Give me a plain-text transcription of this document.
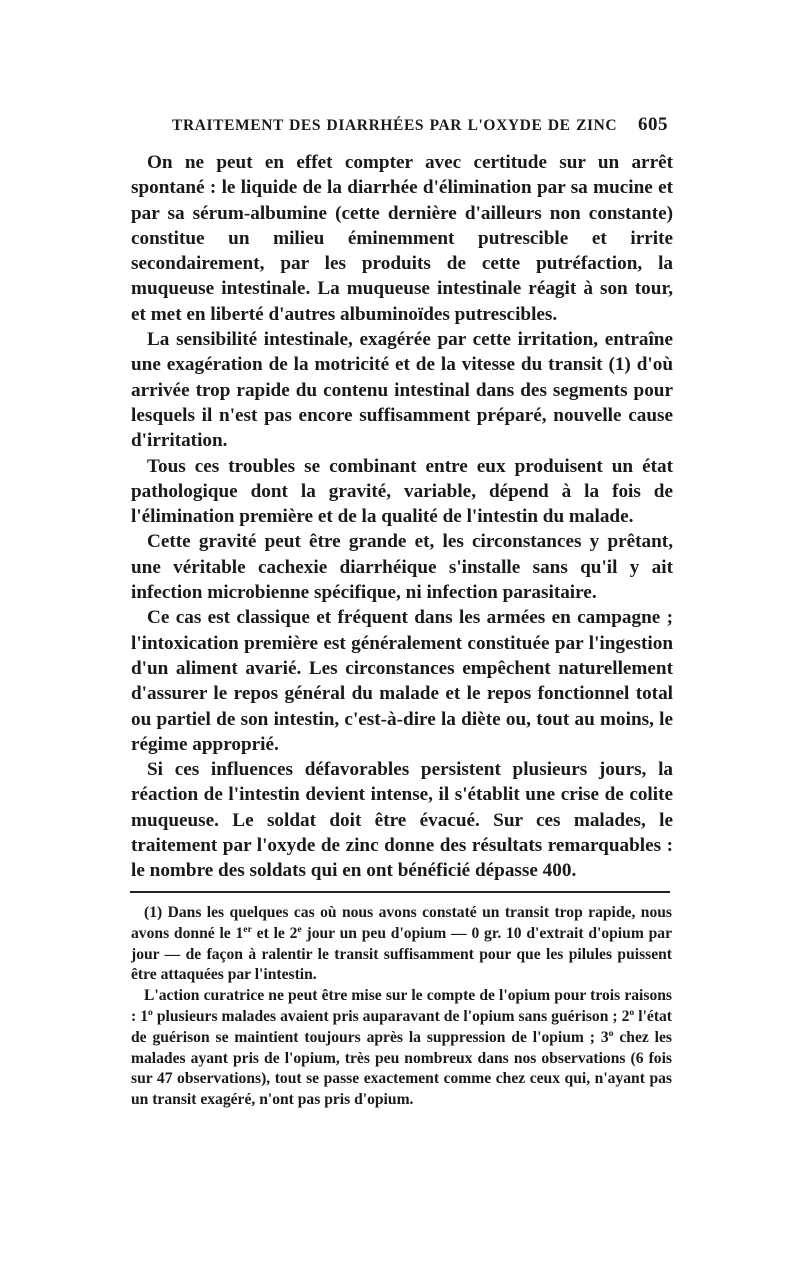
TRAITEMENT DES DIARRHÉES PAR L'OXYDE DE ZINC 605

On ne peut en effet compter avec certitude sur un arrêt spontané : le liquide de la diarrhée d'élimination par sa mucine et par sa sérum-albumine (cette dernière d'ailleurs non constante) constitue un milieu éminemment putrescible et irrite secondairement, par les produits de cette putréfaction, la muqueuse intestinale. La muqueuse intestinale réagit à son tour, et met en liberté d'autres albuminoïdes putrescibles.

La sensibilité intestinale, exagérée par cette irritation, entraîne une exagération de la motricité et de la vitesse du transit (1) d'où arrivée trop rapide du contenu intestinal dans des segments pour lesquels il n'est pas encore suffisamment préparé, nouvelle cause d'irritation.

Tous ces troubles se combinant entre eux produisent un état pathologique dont la gravité, variable, dépend à la fois de l'élimination première et de la qualité de l'intestin du malade.

Cette gravité peut être grande et, les circonstances y prêtant, une véritable cachexie diarrhéique s'installe sans qu'il y ait infection microbienne spécifique, ni infection parasitaire.

Ce cas est classique et fréquent dans les armées en campagne ; l'intoxication première est généralement constituée par l'ingestion d'un aliment avarié. Les circonstances empêchent naturellement d'assurer le repos général du malade et le repos fonctionnel total ou partiel de son intestin, c'est-à-dire la diète ou, tout au moins, le régime approprié.

Si ces influences défavorables persistent plusieurs jours, la réaction de l'intestin devient intense, il s'établit une crise de colite muqueuse. Le soldat doit être évacué. Sur ces malades, le traitement par l'oxyde de zinc donne des résultats remarquables : le nombre des soldats qui en ont bénéficié dépasse 400.

(1) Dans les quelques cas où nous avons constaté un transit trop rapide, nous avons donné le 1er et le 2e jour un peu d'opium — 0 gr. 10 d'extrait d'opium par jour — de façon à ralentir le transit suffisamment pour que les pilules puissent être attaquées par l'intestin.

L'action curatrice ne peut être mise sur le compte de l'opium pour trois raisons : 1$^o$ plusieurs malades avaient pris auparavant de l'opium sans guérison ; 2$^o$ l'état de guérison se maintient toujours après la suppression de l'opium ; 3$^o$ chez les malades ayant pris de l'opium, très peu nombreux dans nos observations (6 fois sur 47 observations), tout se passe exactement comme chez ceux qui, n'ayant pas un transit exagéré, n'ont pas pris d'opium.
